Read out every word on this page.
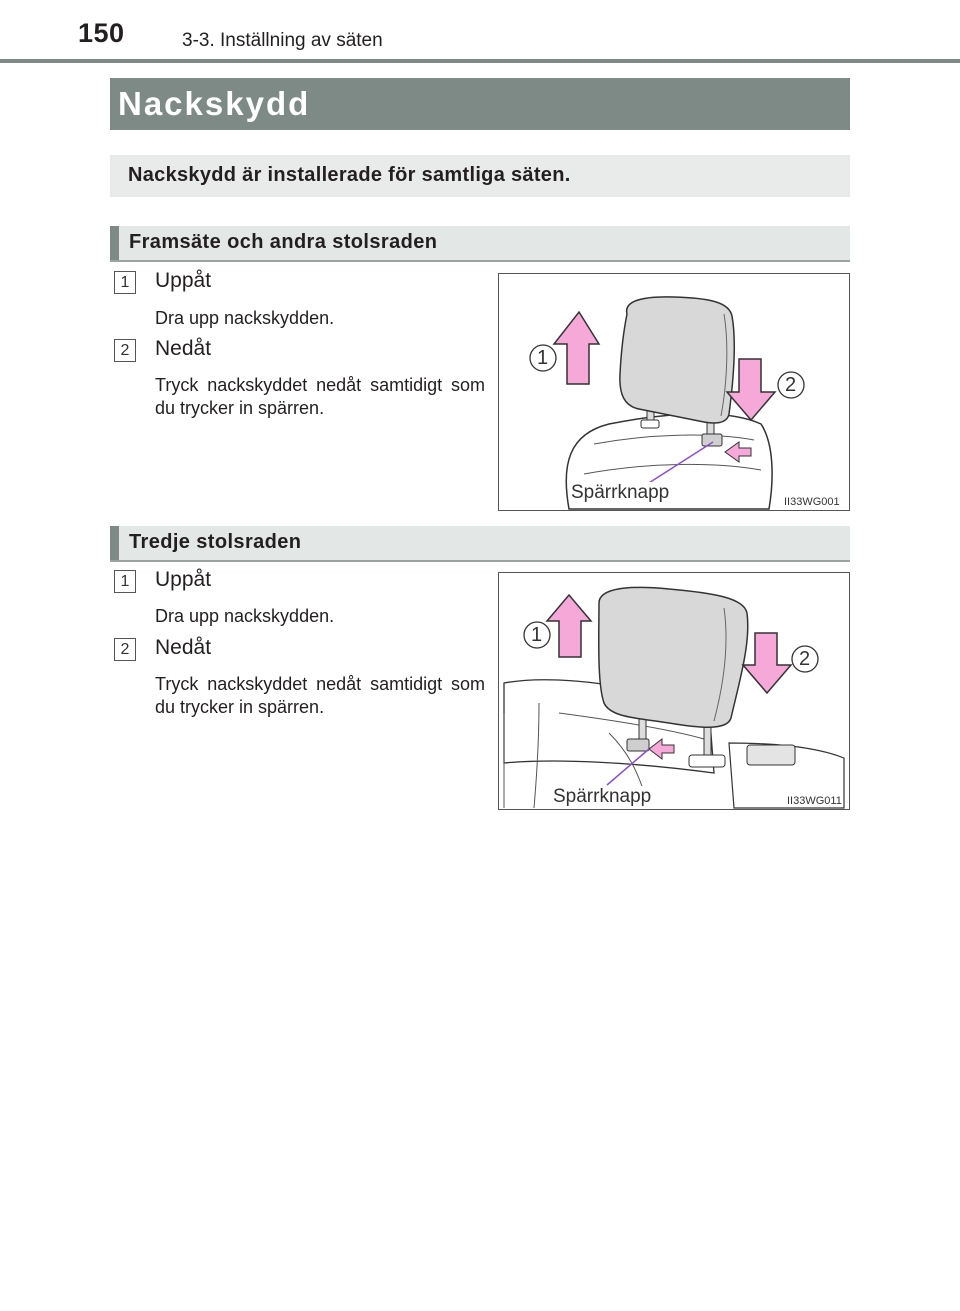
150	3-3. Inställning av säten
Nackskydd
Nackskydd är installerade för samtliga säten.
Framsäte och andra stolsraden
1	Uppåt
Dra upp nackskydden.
2	Nedåt
Tryck nackskyddet nedåt samtidigt som du trycker in spärren.
1
2
Spärrknapp	II33WG001
Tredje stolsraden
1	Uppåt
Dra upp nackskydden.
2	Nedåt
Tryck nackskyddet nedåt samtidigt som du trycker in spärren.
1
2
Spärrknapp	II33WG011
